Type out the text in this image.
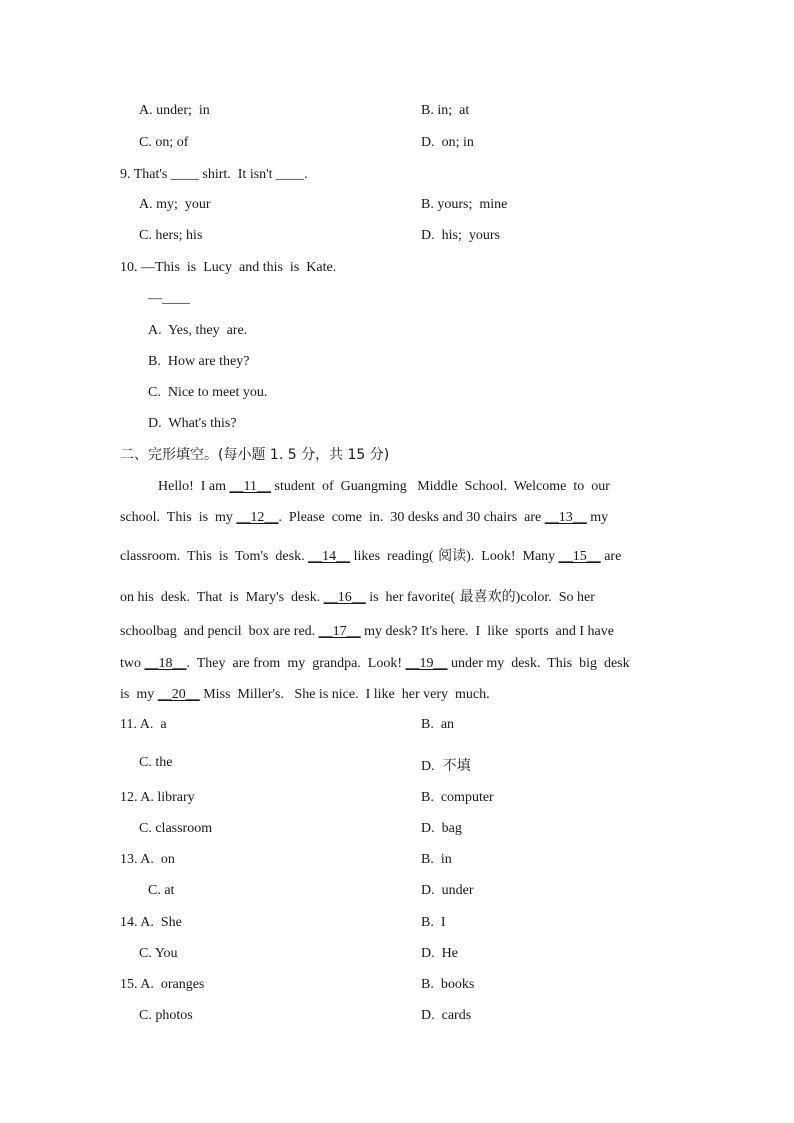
A. under;  in	B. in;  at
C. on; of	D.  on; in
9. That's ____ shirt.  It isn't ____.
A. my;  your	B. yours;  mine
C. hers; his	D.  his;  yours
10. —This  is  Lucy  and this  is  Kate.
—____
A.  Yes, they  are.
B.  How are they?
C.  Nice to meet you.
D.  What's this?
二、完形填空。(每小题 1. 5 分，共 15 分)
Hello!  I am __11__ student  of  Guangming   Middle  School.  Welcome  to  our
school.  This  is  my __12__.  Please  come  in.  30 desks and 30 chairs  are __13__ my
classroom.  This  is  Tom's  desk. __14__ likes  reading( 阅读).  Look!  Many __15__ are
on his  desk.  That  is  Mary's  desk. __16__ is  her favorite( 最喜欢的)color.  So her
schoolbag  and pencil  box are red. __17__ my desk? It's here.  I  like  sports  and I have
two __18__.  They  are from  my  grandpa.  Look! __19__ under my  desk.  This  big  desk
is  my __20__ Miss  Miller's.   She is nice.  I like  her very  much.
11. A.  a	B.  an
C. the	D.  不填
12. A. library	B.  computer
C. classroom	D.  bag
13. A.  on	B.  in
C. at	D.  under
14. A.  She	B.  I
C. You	D.  He
15. A.  oranges	B.  books
C. photos	D.  cards
